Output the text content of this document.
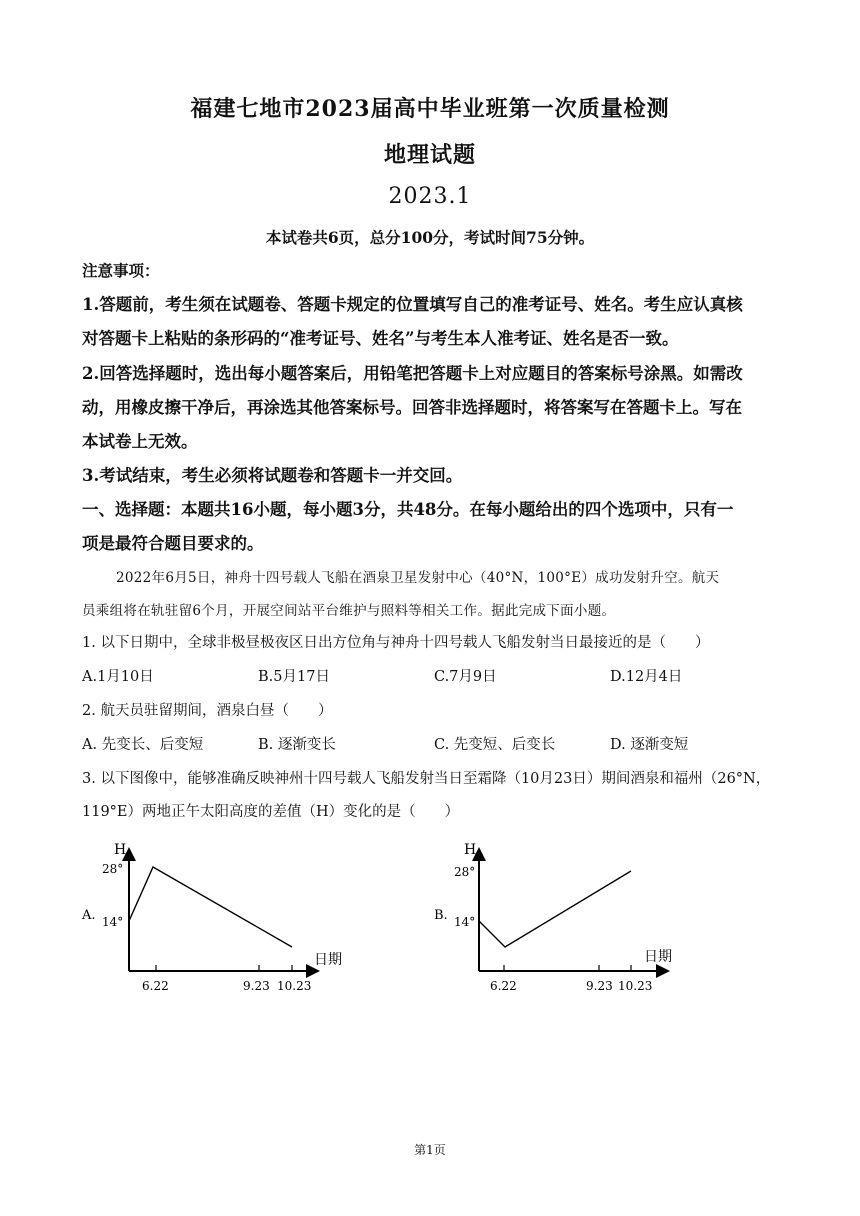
福建七地市2023届高中毕业班第一次质量检测
地理试题
2023.1
本试卷共6页，总分100分，考试时间75分钟。
注意事项：
1.答题前，考生须在试题卷、答题卡规定的位置填写自己的准考证号、姓名。考生应认真核
对答题卡上粘贴的条形码的“准考证号、姓名”与考生本人准考证、姓名是否一致。
2.回答选择题时，选出每小题答案后，用铅笔把答题卡上对应题目的答案标号涂黑。如需改
动，用橡皮擦干净后，再涂选其他答案标号。回答非选择题时，将答案写在答题卡上。写在
本试卷上无效。
3.考试结束，考生必须将试题卷和答题卡一并交回。
一、选择题：本题共16小题，每小题3分，共48分。在每小题给出的四个选项中，只有一
项是最符合题目要求的。
2022年6月5日，神舟十四号载人飞船在酒泉卫星发射中心（40°N，100°E）成功发射升空。航天
员乘组将在轨驻留6个月，开展空间站平台维护与照料等相关工作。据此完成下面小题。
1. 以下日期中，全球非极昼极夜区日出方位角与神舟十四号载人飞船发射当日最接近的是（　　）
A.1月10日	B.5月17日	C.7月9日	D.12月4日
2. 航天员驻留期间，酒泉白昼（　　）
A. 先变长、后变短	B. 逐渐变长	C. 先变短、后变长	D. 逐渐变短
3. 以下图像中，能够准确反映神州十四号载人飞船发射当日至霜降（10月23日）期间酒泉和福州（26°N，
119°E）两地正午太阳高度的差值（H）变化的是（　　）
A.
H
日期
28°
14°
6.22	9.23 10.23
B.
H
日期
28°
14°
6.22	9.23 10.23
第1页
